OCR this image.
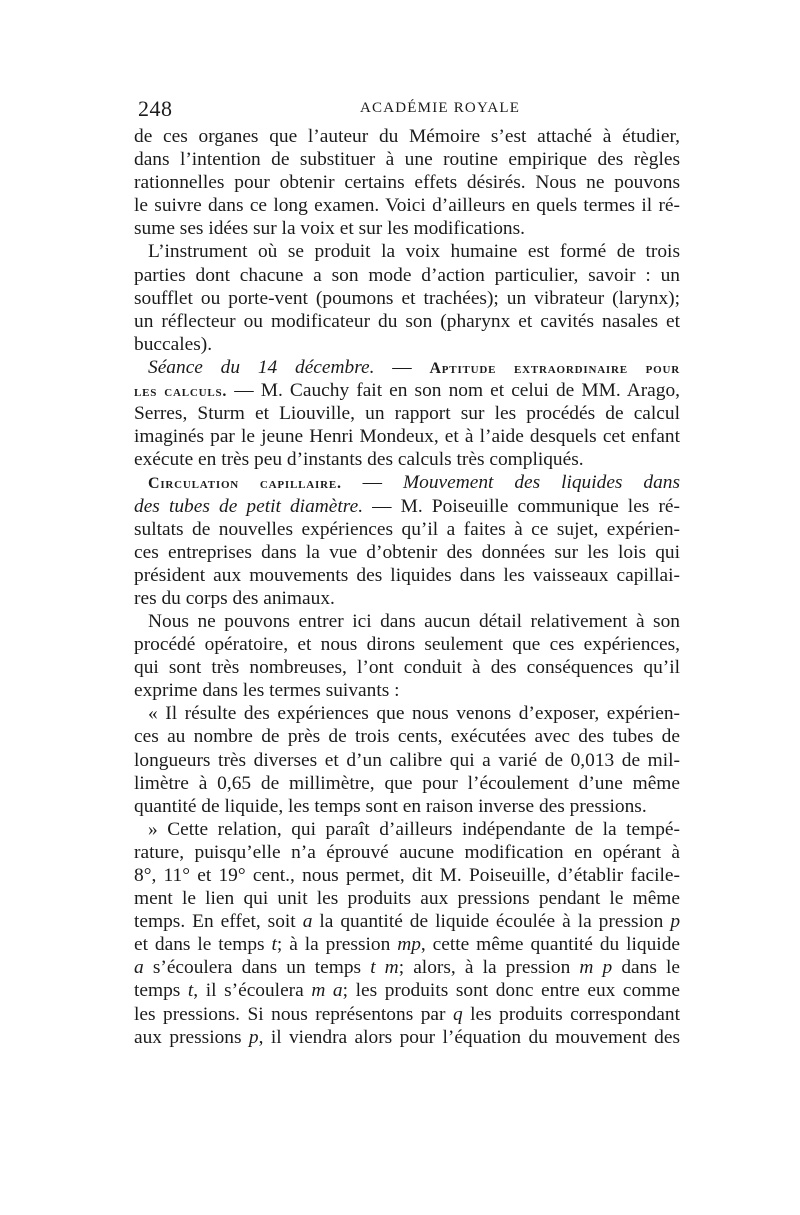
248	ACADÉMIE ROYALE
de ces organes que l’auteur du Mémoire s’est attaché à étudier,
dans l’intention de substituer à une routine empirique des règles
rationnelles pour obtenir certains effets désirés. Nous ne pouvons
le suivre dans ce long examen. Voici d’ailleurs en quels termes il ré-
sume ses idées sur la voix et sur les modifications.
L’instrument où se produit la voix humaine est formé de trois
parties dont chacune a son mode d’action particulier, savoir : un
soufflet ou porte-vent (poumons et trachées); un vibrateur (larynx);
un réflecteur ou modificateur du son (pharynx et cavités nasales et
buccales).
Séance du 14 décembre. — Aptitude extraordinaire pour
les calculs. — M. Cauchy fait en son nom et celui de MM. Arago,
Serres, Sturm et Liouville, un rapport sur les procédés de calcul
imaginés par le jeune Henri Mondeux, et à l’aide desquels cet enfant
exécute en très peu d’instants des calculs très compliqués.
Circulation capillaire. — Mouvement des liquides dans
des tubes de petit diamètre. — M. Poiseuille communique les ré-
sultats de nouvelles expériences qu’il a faites à ce sujet, expérien-
ces entreprises dans la vue d’obtenir des données sur les lois qui
président aux mouvements des liquides dans les vaisseaux capillai-
res du corps des animaux.
Nous ne pouvons entrer ici dans aucun détail relativement à son
procédé opératoire, et nous dirons seulement que ces expériences,
qui sont très nombreuses, l’ont conduit à des conséquences qu’il
exprime dans les termes suivants :
« Il résulte des expériences que nous venons d’exposer, expérien-
ces au nombre de près de trois cents, exécutées avec des tubes de
longueurs très diverses et d’un calibre qui a varié de 0,013 de mil-
limètre à 0,65 de millimètre, que pour l’écoulement d’une même
quantité de liquide, les temps sont en raison inverse des pressions.
» Cette relation, qui paraît d’ailleurs indépendante de la tempé-
rature, puisqu’elle n’a éprouvé aucune modification en opérant à
8°, 11° et 19° cent., nous permet, dit M. Poiseuille, d’établir facile-
ment le lien qui unit les produits aux pressions pendant le même
temps. En effet, soit a la quantité de liquide écoulée à la pression p
et dans le temps t; à la pression mp, cette même quantité du liquide
a s’écoulera dans un temps t m; alors, à la pression m p dans le
temps t, il s’écoulera m a; les produits sont donc entre eux comme
les pressions. Si nous représentons par q les produits correspondant
aux pressions p, il viendra alors pour l’équation du mouvement des
